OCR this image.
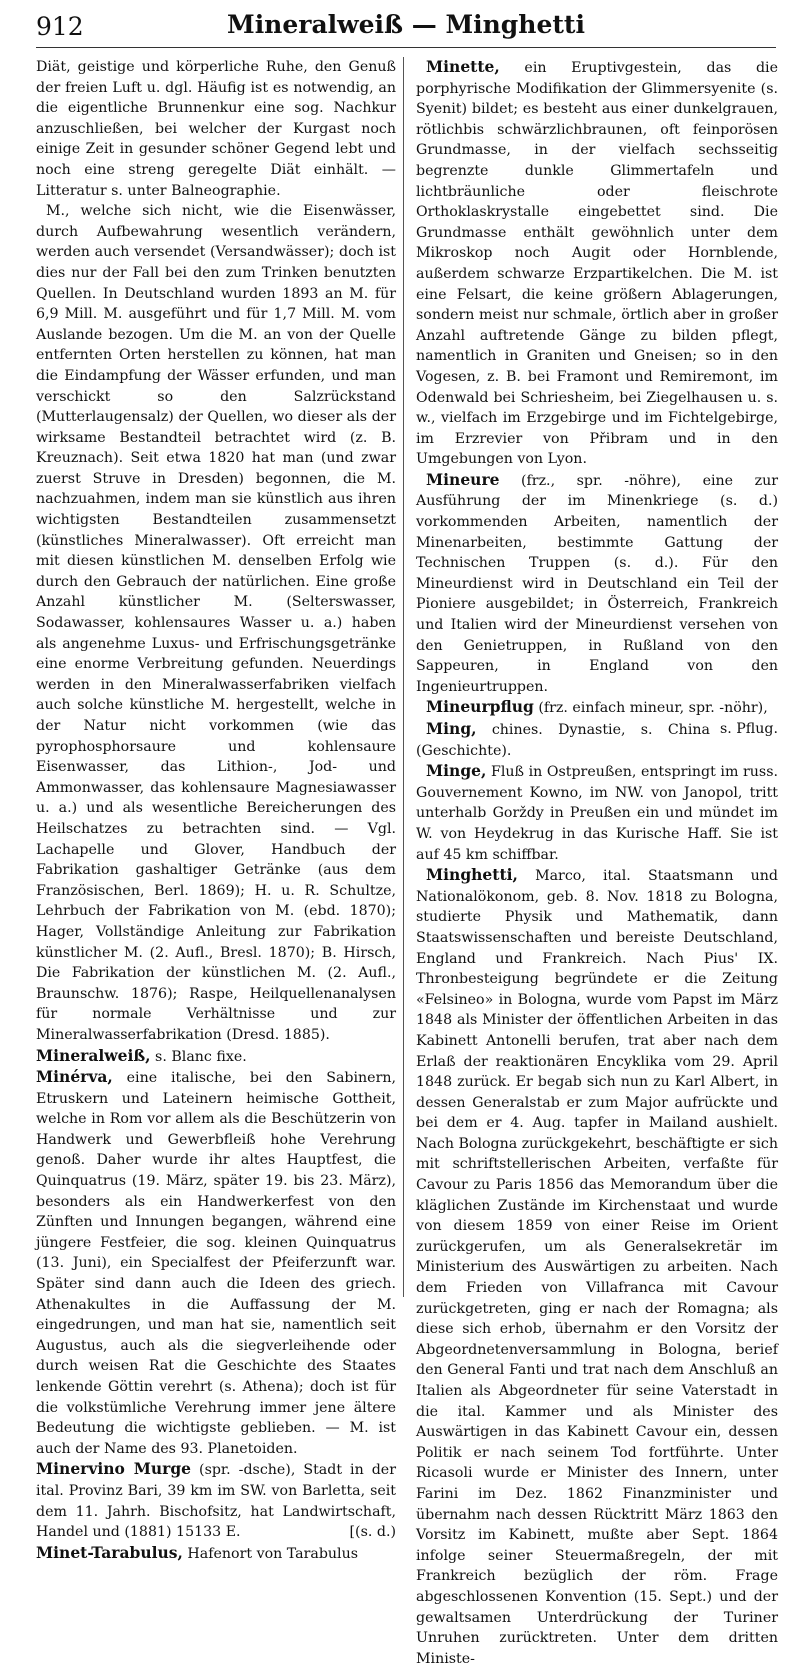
912	Mineralweiß — Minghetti

Diät, geistige und körperliche Ruhe, den Genuß der freien Luft u. dgl. Häufig ist es notwendig, an die eigentliche Brunnenkur eine sog. Nachkur anzuschließen, bei welcher der Kurgast noch einige Zeit in gesunder schöner Gegend lebt und noch eine streng geregelte Diät einhält. — Litteratur s. unter Balneographie.

M., welche sich nicht, wie die Eisenwässer, durch Aufbewahrung wesentlich verändern, werden auch versendet (Versandwässer); doch ist dies nur der Fall bei den zum Trinken benutzten Quellen. In Deutschland wurden 1893 an M. für 6,9 Mill. M. ausgeführt und für 1,7 Mill. M. vom Auslande bezogen. Um die M. an von der Quelle entfernten Orten herstellen zu können, hat man die Eindampfung der Wässer erfunden, und man verschickt so den Salzrückstand (Mutterlaugensalz) der Quellen, wo dieser als der wirksame Bestandteil betrachtet wird (z. B. Kreuznach). Seit etwa 1820 hat man (und zwar zuerst Struve in Dresden) begonnen, die M. nachzuahmen, indem man sie künstlich aus ihren wichtigsten Bestandteilen zusammensetzt (künstliches Mineralwasser). Oft erreicht man mit diesen künstlichen M. denselben Erfolg wie durch den Gebrauch der natürlichen. Eine große Anzahl künstlicher M. (Selterswasser, Sodawasser, kohlensaures Wasser u. a.) haben als angenehme Luxus- und Erfrischungsgetränke eine enorme Verbreitung gefunden. Neuerdings werden in den Mineralwasserfabriken vielfach auch solche künstliche M. hergestellt, welche in der Natur nicht vorkommen (wie das pyrophosphorsaure und kohlensaure Eisenwasser, das Lithion-, Jod- und Ammonwasser, das kohlensaure Magnesiawasser u. a.) und als wesentliche Bereicherungen des Heilschatzes zu betrachten sind. — Vgl. Lachapelle und Glover, Handbuch der Fabrikation gashaltiger Getränke (aus dem Französischen, Berl. 1869); H. u. R. Schultze, Lehrbuch der Fabrikation von M. (ebd. 1870); Hager, Vollständige Anleitung zur Fabrikation künstlicher M. (2. Aufl., Bresl. 1870); B. Hirsch, Die Fabrikation der künstlichen M. (2. Aufl., Braunschw. 1876); Raspe, Heilquellenanalysen für normale Verhältnisse und zur Mineralwasserfabrikation (Dresd. 1885).

Mineralweiß, s. Blanc fixe.

Minérva, eine italische, bei den Sabinern, Etruskern und Lateinern heimische Gottheit, welche in Rom vor allem als die Beschützerin von Handwerk und Gewerbfleiß hohe Verehrung genoß. Daher wurde ihr altes Hauptfest, die Quinquatrus (19. März, später 19. bis 23. März), besonders als ein Handwerkerfest von den Zünften und Innungen begangen, während eine jüngere Festfeier, die sog. kleinen Quinquatrus (13. Juni), ein Specialfest der Pfeiferzunft war. Später sind dann auch die Ideen des griech. Athenakultes in die Auffassung der M. eingedrungen, und man hat sie, namentlich seit Augustus, auch als die siegverleihende oder durch weisen Rat die Geschichte des Staates lenkende Göttin verehrt (s. Athena); doch ist für die volkstümliche Verehrung immer jene ältere Bedeutung die wichtigste geblieben. — M. ist auch der Name des 93. Planetoiden.

Minervino Murge (spr. -dsche), Stadt in der ital. Provinz Bari, 39 km im SW. von Barletta, seit dem 11. Jahrh. Bischofsitz, hat Landwirtschaft, Handel und (1881) 15133 E.	[(s. d.)

Minet-Tarabulus, Hafenort von Tarabulus

Minette, ein Eruptivgestein, das die porphyrische Modifikation der Glimmersyenite (s. Syenit) bildet; es besteht aus einer dunkelgrauen, rötlichbis schwärzlichbraunen, oft feinporösen Grundmasse, in der vielfach sechsseitig begrenzte dunkle Glimmertafeln und lichtbräunliche oder fleischrote Orthoklaskrystalle eingebettet sind. Die Grundmasse enthält gewöhnlich unter dem Mikroskop noch Augit oder Hornblende, außerdem schwarze Erzpartikelchen. Die M. ist eine Felsart, die keine größern Ablagerungen, sondern meist nur schmale, örtlich aber in großer Anzahl auftretende Gänge zu bilden pflegt, namentlich in Graniten und Gneisen; so in den Vogesen, z. B. bei Framont und Remiremont, im Odenwald bei Schriesheim, bei Ziegelhausen u. s. w., vielfach im Erzgebirge und im Fichtelgebirge, im Erzrevier von Přibram und in den Umgebungen von Lyon.

Mineure (frz., spr. -nöhre), eine zur Ausführung der im Minenkriege (s. d.) vorkommenden Arbeiten, namentlich der Minenarbeiten, bestimmte Gattung der Technischen Truppen (s. d.). Für den Mineurdienst wird in Deutschland ein Teil der Pioniere ausgebildet; in Österreich, Frankreich und Italien wird der Mineurdienst versehen von den Genietruppen, in Rußland von den Sappeuren, in England von den Ingenieurtruppen.

Mineurpflug (frz. einfach mineur, spr. -nöhr),
s. Pflug.

Ming, chines. Dynastie, s. China (Geschichte).

Minge, Fluß in Ostpreußen, entspringt im russ. Gouvernement Kowno, im NW. von Janopol, tritt unterhalb Gorždy in Preußen ein und mündet im W. von Heydekrug in das Kurische Haff. Sie ist auf 45 km schiffbar.

Minghetti, Marco, ital. Staatsmann und Nationalökonom, geb. 8. Nov. 1818 zu Bologna, studierte Physik und Mathematik, dann Staatswissenschaften und bereiste Deutschland, England und Frankreich. Nach Pius' IX. Thronbesteigung begründete er die Zeitung «Felsineo» in Bologna, wurde vom Papst im März 1848 als Minister der öffentlichen Arbeiten in das Kabinett Antonelli berufen, trat aber nach dem Erlaß der reaktionären Encyklika vom 29. April 1848 zurück. Er begab sich nun zu Karl Albert, in dessen Generalstab er zum Major aufrückte und bei dem er 4. Aug. tapfer in Mailand aushielt. Nach Bologna zurückgekehrt, beschäftigte er sich mit schriftstellerischen Arbeiten, verfaßte für Cavour zu Paris 1856 das Memorandum über die kläglichen Zustände im Kirchenstaat und wurde von diesem 1859 von einer Reise im Orient zurückgerufen, um als Generalsekretär im Ministerium des Auswärtigen zu arbeiten. Nach dem Frieden von Villafranca mit Cavour zurückgetreten, ging er nach der Romagna; als diese sich erhob, übernahm er den Vorsitz der Abgeordnetenversammlung in Bologna, berief den General Fanti und trat nach dem Anschluß an Italien als Abgeordneter für seine Vaterstadt in die ital. Kammer und als Minister des Auswärtigen in das Kabinett Cavour ein, dessen Politik er nach seinem Tod fortführte. Unter Ricasoli wurde er Minister des Innern, unter Farini im Dez. 1862 Finanzminister und übernahm nach dessen Rücktritt März 1863 den Vorsitz im Kabinett, mußte aber Sept. 1864 infolge seiner Steuermaßregeln, der mit Frankreich bezüglich der röm. Frage abgeschlossenen Konvention (15. Sept.) und der gewaltsamen Unterdrückung der Turiner Unruhen zurücktreten. Unter dem dritten Ministe-
